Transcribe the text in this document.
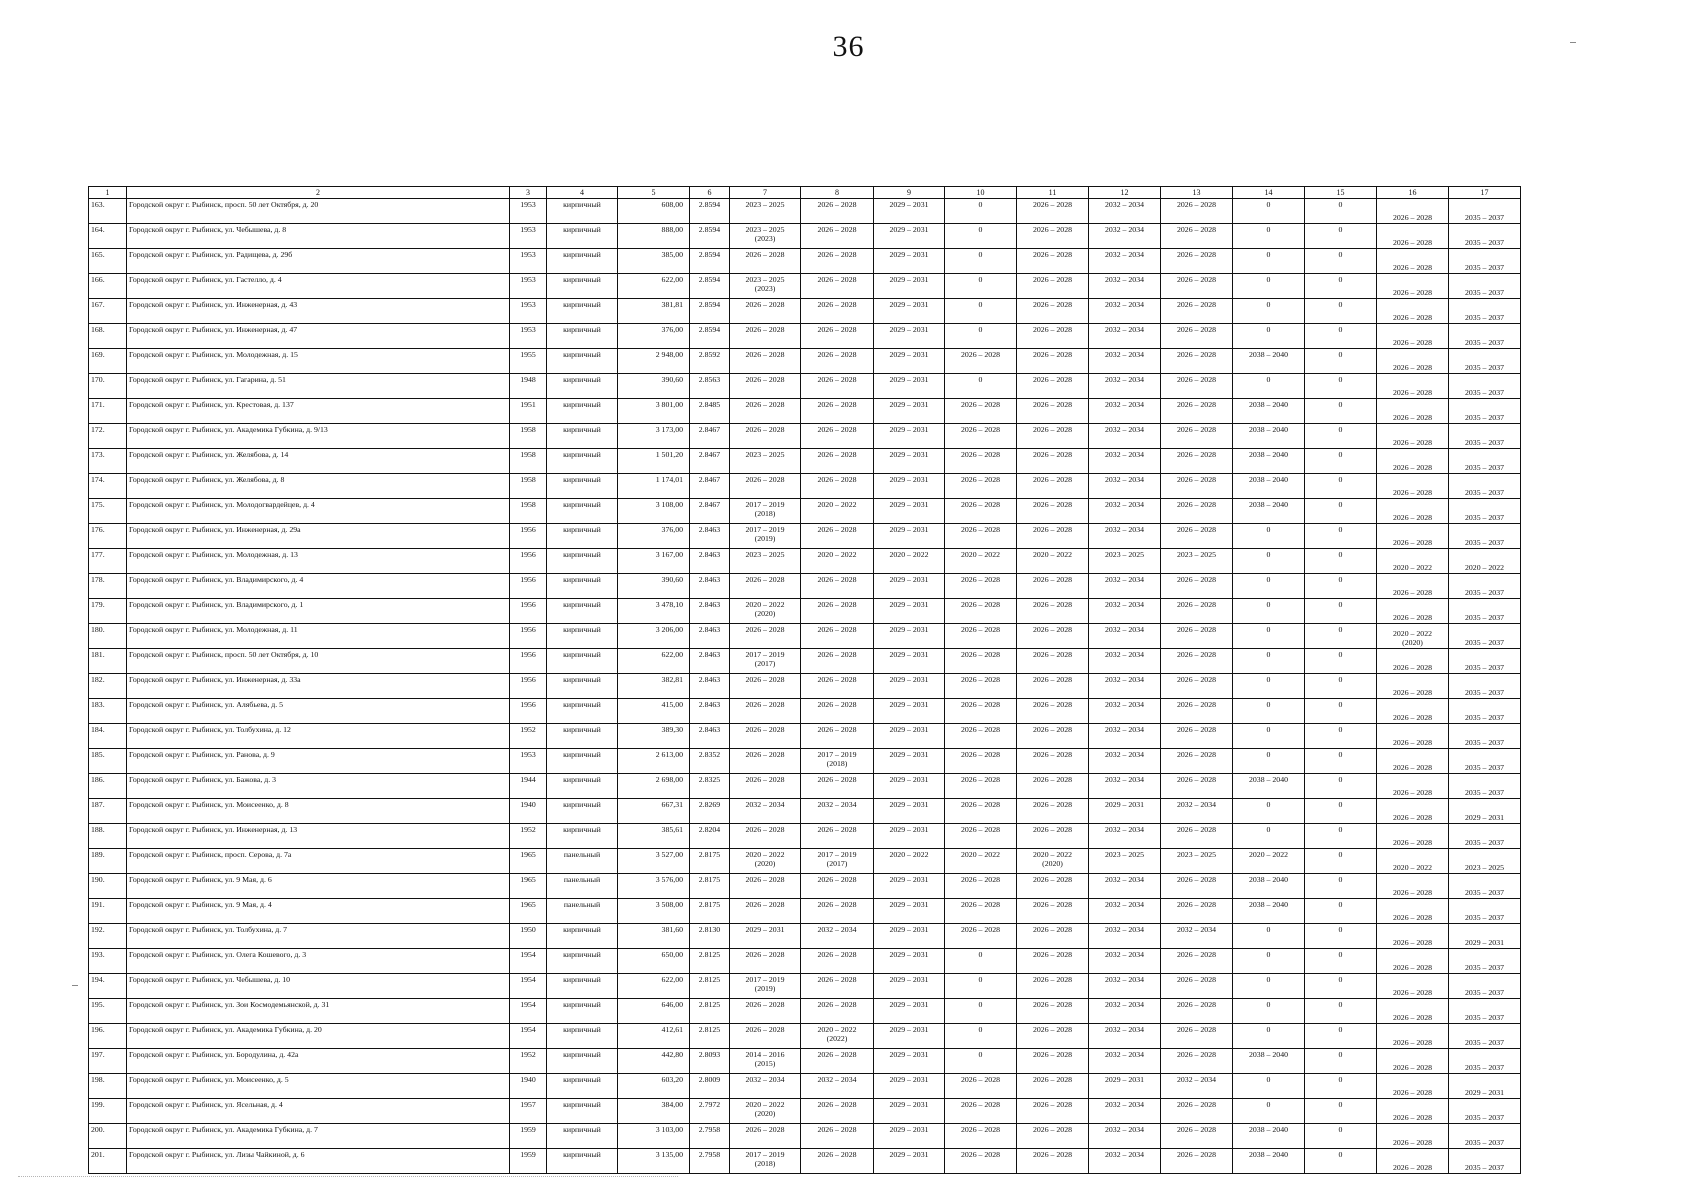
36
1	2	3	4	5	6	7	8	9	10	11	12	13	14	15	16	17
163.	Городской округ г. Рыбинск, просп. 50 лет Октября, д. 20	1953	кирпичный	608,00	2.8594	2023 – 2025	2026 – 2028	2029 – 2031	0	2026 – 2028	2032 – 2034	2026 – 2028	0	0	2026 – 2028	2035 – 2037
164.	Городской округ г. Рыбинск, ул. Чебышева, д. 8	1953	кирпичный	888,00	2.8594	2023 – 2025
(2023)	2026 – 2028	2029 – 2031	0	2026 – 2028	2032 – 2034	2026 – 2028	0	0	2026 – 2028	2035 – 2037
165.	Городской округ г. Рыбинск, ул. Радищева, д. 29б	1953	кирпичный	385,00	2.8594	2026 – 2028	2026 – 2028	2029 – 2031	0	2026 – 2028	2032 – 2034	2026 – 2028	0	0	2026 – 2028	2035 – 2037
166.	Городской округ г. Рыбинск, ул. Гастелло, д. 4	1953	кирпичный	622,00	2.8594	2023 – 2025
(2023)	2026 – 2028	2029 – 2031	0	2026 – 2028	2032 – 2034	2026 – 2028	0	0	2026 – 2028	2035 – 2037
167.	Городской округ г. Рыбинск, ул. Инженерная, д. 43	1953	кирпичный	381,81	2.8594	2026 – 2028	2026 – 2028	2029 – 2031	0	2026 – 2028	2032 – 2034	2026 – 2028	0	0	2026 – 2028	2035 – 2037
168.	Городской округ г. Рыбинск, ул. Инженерная, д. 47	1953	кирпичный	376,00	2.8594	2026 – 2028	2026 – 2028	2029 – 2031	0	2026 – 2028	2032 – 2034	2026 – 2028	0	0	2026 – 2028	2035 – 2037
169.	Городской округ г. Рыбинск, ул. Молодежная, д. 15	1955	кирпичный	2 948,00	2.8592	2026 – 2028	2026 – 2028	2029 – 2031	2026 – 2028	2026 – 2028	2032 – 2034	2026 – 2028	2038 – 2040	0	2026 – 2028	2035 – 2037
170.	Городской округ г. Рыбинск, ул. Гагарина, д. 51	1948	кирпичный	390,60	2.8563	2026 – 2028	2026 – 2028	2029 – 2031	0	2026 – 2028	2032 – 2034	2026 – 2028	0	0	2026 – 2028	2035 – 2037
171.	Городской округ г. Рыбинск, ул. Крестовая, д. 137	1951	кирпичный	3 801,00	2.8485	2026 – 2028	2026 – 2028	2029 – 2031	2026 – 2028	2026 – 2028	2032 – 2034	2026 – 2028	2038 – 2040	0	2026 – 2028	2035 – 2037
172.	Городской округ г. Рыбинск, ул. Академика Губкина, д. 9/13	1958	кирпичный	3 173,00	2.8467	2026 – 2028	2026 – 2028	2029 – 2031	2026 – 2028	2026 – 2028	2032 – 2034	2026 – 2028	2038 – 2040	0	2026 – 2028	2035 – 2037
173.	Городской округ г. Рыбинск, ул. Желябова, д. 14	1958	кирпичный	1 501,20	2.8467	2023 – 2025	2026 – 2028	2029 – 2031	2026 – 2028	2026 – 2028	2032 – 2034	2026 – 2028	2038 – 2040	0	2026 – 2028	2035 – 2037
174.	Городской округ г. Рыбинск, ул. Желябова, д. 8	1958	кирпичный	1 174,01	2.8467	2026 – 2028	2026 – 2028	2029 – 2031	2026 – 2028	2026 – 2028	2032 – 2034	2026 – 2028	2038 – 2040	0	2026 – 2028	2035 – 2037
175.	Городской округ г. Рыбинск, ул. Молодогвардейцев, д. 4	1958	кирпичный	3 108,00	2.8467	2017 – 2019
(2018)	2020 – 2022	2029 – 2031	2026 – 2028	2026 – 2028	2032 – 2034	2026 – 2028	2038 – 2040	0	2026 – 2028	2035 – 2037
176.	Городской округ г. Рыбинск, ул. Инженерная, д. 29а	1956	кирпичный	376,00	2.8463	2017 – 2019
(2019)	2026 – 2028	2029 – 2031	2026 – 2028	2026 – 2028	2032 – 2034	2026 – 2028	0	0	2026 – 2028	2035 – 2037
177.	Городской округ г. Рыбинск, ул. Молодежная, д. 13	1956	кирпичный	3 167,00	2.8463	2023 – 2025	2020 – 2022	2020 – 2022	2020 – 2022	2020 – 2022	2023 – 2025	2023 – 2025	0	0	2020 – 2022	2020 – 2022
178.	Городской округ г. Рыбинск, ул. Владимирского, д. 4	1956	кирпичный	390,60	2.8463	2026 – 2028	2026 – 2028	2029 – 2031	2026 – 2028	2026 – 2028	2032 – 2034	2026 – 2028	0	0	2026 – 2028	2035 – 2037
179.	Городской округ г. Рыбинск, ул. Владимирского, д. 1	1956	кирпичный	3 478,10	2.8463	2020 – 2022
(2020)	2026 – 2028	2029 – 2031	2026 – 2028	2026 – 2028	2032 – 2034	2026 – 2028	0	0	2026 – 2028	2035 – 2037
180.	Городской округ г. Рыбинск, ул. Молодежная, д. 11	1956	кирпичный	3 206,00	2.8463	2026 – 2028	2026 – 2028	2029 – 2031	2026 – 2028	2026 – 2028	2032 – 2034	2026 – 2028	0	0	2020 – 2022
(2020)	2035 – 2037
181.	Городской округ г. Рыбинск, просп. 50 лет Октября, д. 10	1956	кирпичный	622,00	2.8463	2017 – 2019
(2017)	2026 – 2028	2029 – 2031	2026 – 2028	2026 – 2028	2032 – 2034	2026 – 2028	0	0	2026 – 2028	2035 – 2037
182.	Городской округ г. Рыбинск, ул. Инженерная, д. 33а	1956	кирпичный	382,81	2.8463	2026 – 2028	2026 – 2028	2029 – 2031	2026 – 2028	2026 – 2028	2032 – 2034	2026 – 2028	0	0	2026 – 2028	2035 – 2037
183.	Городской округ г. Рыбинск, ул. Алябьева, д. 5	1956	кирпичный	415,00	2.8463	2026 – 2028	2026 – 2028	2029 – 2031	2026 – 2028	2026 – 2028	2032 – 2034	2026 – 2028	0	0	2026 – 2028	2035 – 2037
184.	Городской округ г. Рыбинск, ул. Толбухина, д. 12	1952	кирпичный	389,30	2.8463	2026 – 2028	2026 – 2028	2029 – 2031	2026 – 2028	2026 – 2028	2032 – 2034	2026 – 2028	0	0	2026 – 2028	2035 – 2037
185.	Городской округ г. Рыбинск, ул. Ранова, д. 9	1953	кирпичный	2 613,00	2.8352	2026 – 2028	2017 – 2019
(2018)	2029 – 2031	2026 – 2028	2026 – 2028	2032 – 2034	2026 – 2028	0	0	2026 – 2028	2035 – 2037
186.	Городской округ г. Рыбинск, ул. Бажова, д. 3	1944	кирпичный	2 698,00	2.8325	2026 – 2028	2026 – 2028	2029 – 2031	2026 – 2028	2026 – 2028	2032 – 2034	2026 – 2028	2038 – 2040	0	2026 – 2028	2035 – 2037
187.	Городской округ г. Рыбинск, ул. Моисеенко, д. 8	1940	кирпичный	667,31	2.8269	2032 – 2034	2032 – 2034	2029 – 2031	2026 – 2028	2026 – 2028	2029 – 2031	2032 – 2034	0	0	2026 – 2028	2029 – 2031
188.	Городской округ г. Рыбинск, ул. Инженерная, д. 13	1952	кирпичный	385,61	2.8204	2026 – 2028	2026 – 2028	2029 – 2031	2026 – 2028	2026 – 2028	2032 – 2034	2026 – 2028	0	0	2026 – 2028	2035 – 2037
189.	Городской округ г. Рыбинск, просп. Серова, д. 7а	1965	панельный	3 527,00	2.8175	2020 – 2022
(2020)	2017 – 2019
(2017)	2020 – 2022	2020 – 2022	2020 – 2022
(2020)	2023 – 2025	2023 – 2025	2020 – 2022	0	2020 – 2022	2023 – 2025
190.	Городской округ г. Рыбинск, ул. 9 Мая, д. 6	1965	панельный	3 576,00	2.8175	2026 – 2028	2026 – 2028	2029 – 2031	2026 – 2028	2026 – 2028	2032 – 2034	2026 – 2028	2038 – 2040	0	2026 – 2028	2035 – 2037
191.	Городской округ г. Рыбинск, ул. 9 Мая, д. 4	1965	панельный	3 508,00	2.8175	2026 – 2028	2026 – 2028	2029 – 2031	2026 – 2028	2026 – 2028	2032 – 2034	2026 – 2028	2038 – 2040	0	2026 – 2028	2035 – 2037
192.	Городской округ г. Рыбинск, ул. Толбухина, д. 7	1950	кирпичный	381,60	2.8130	2029 – 2031	2032 – 2034	2029 – 2031	2026 – 2028	2026 – 2028	2032 – 2034	2032 – 2034	0	0	2026 – 2028	2029 – 2031
193.	Городской округ г. Рыбинск, ул. Олега Кошевого, д. 3	1954	кирпичный	650,00	2.8125	2026 – 2028	2026 – 2028	2029 – 2031	0	2026 – 2028	2032 – 2034	2026 – 2028	0	0	2026 – 2028	2035 – 2037
194.	Городской округ г. Рыбинск, ул. Чебышева, д. 10	1954	кирпичный	622,00	2.8125	2017 – 2019
(2019)	2026 – 2028	2029 – 2031	0	2026 – 2028	2032 – 2034	2026 – 2028	0	0	2026 – 2028	2035 – 2037
195.	Городской округ г. Рыбинск, ул. Зои Космодемьянской, д. 31	1954	кирпичный	646,00	2.8125	2026 – 2028	2026 – 2028	2029 – 2031	0	2026 – 2028	2032 – 2034	2026 – 2028	0	0	2026 – 2028	2035 – 2037
196.	Городской округ г. Рыбинск, ул. Академика Губкина, д. 20	1954	кирпичный	412,61	2.8125	2026 – 2028	2020 – 2022
(2022)	2029 – 2031	0	2026 – 2028	2032 – 2034	2026 – 2028	0	0	2026 – 2028	2035 – 2037
197.	Городской округ г. Рыбинск, ул. Бородулина, д. 42а	1952	кирпичный	442,80	2.8093	2014 – 2016
(2015)	2026 – 2028	2029 – 2031	0	2026 – 2028	2032 – 2034	2026 – 2028	2038 – 2040	0	2026 – 2028	2035 – 2037
198.	Городской округ г. Рыбинск, ул. Моисеенко, д. 5	1940	кирпичный	603,20	2.8009	2032 – 2034	2032 – 2034	2029 – 2031	2026 – 2028	2026 – 2028	2029 – 2031	2032 – 2034	0	0	2026 – 2028	2029 – 2031
199.	Городской округ г. Рыбинск, ул. Ясельная, д. 4	1957	кирпичный	384,00	2.7972	2020 – 2022
(2020)	2026 – 2028	2029 – 2031	2026 – 2028	2026 – 2028	2032 – 2034	2026 – 2028	0	0	2026 – 2028	2035 – 2037
200.	Городской округ г. Рыбинск, ул. Академика Губкина, д. 7	1959	кирпичный	3 103,00	2.7958	2026 – 2028	2026 – 2028	2029 – 2031	2026 – 2028	2026 – 2028	2032 – 2034	2026 – 2028	2038 – 2040	0	2026 – 2028	2035 – 2037
201.	Городской округ г. Рыбинск, ул. Лизы Чайкиной, д. 6	1959	кирпичный	3 135,00	2.7958	2017 – 2019
(2018)	2026 – 2028	2029 – 2031	2026 – 2028	2026 – 2028	2032 – 2034	2026 – 2028	2038 – 2040	0	2026 – 2028	2035 – 2037
